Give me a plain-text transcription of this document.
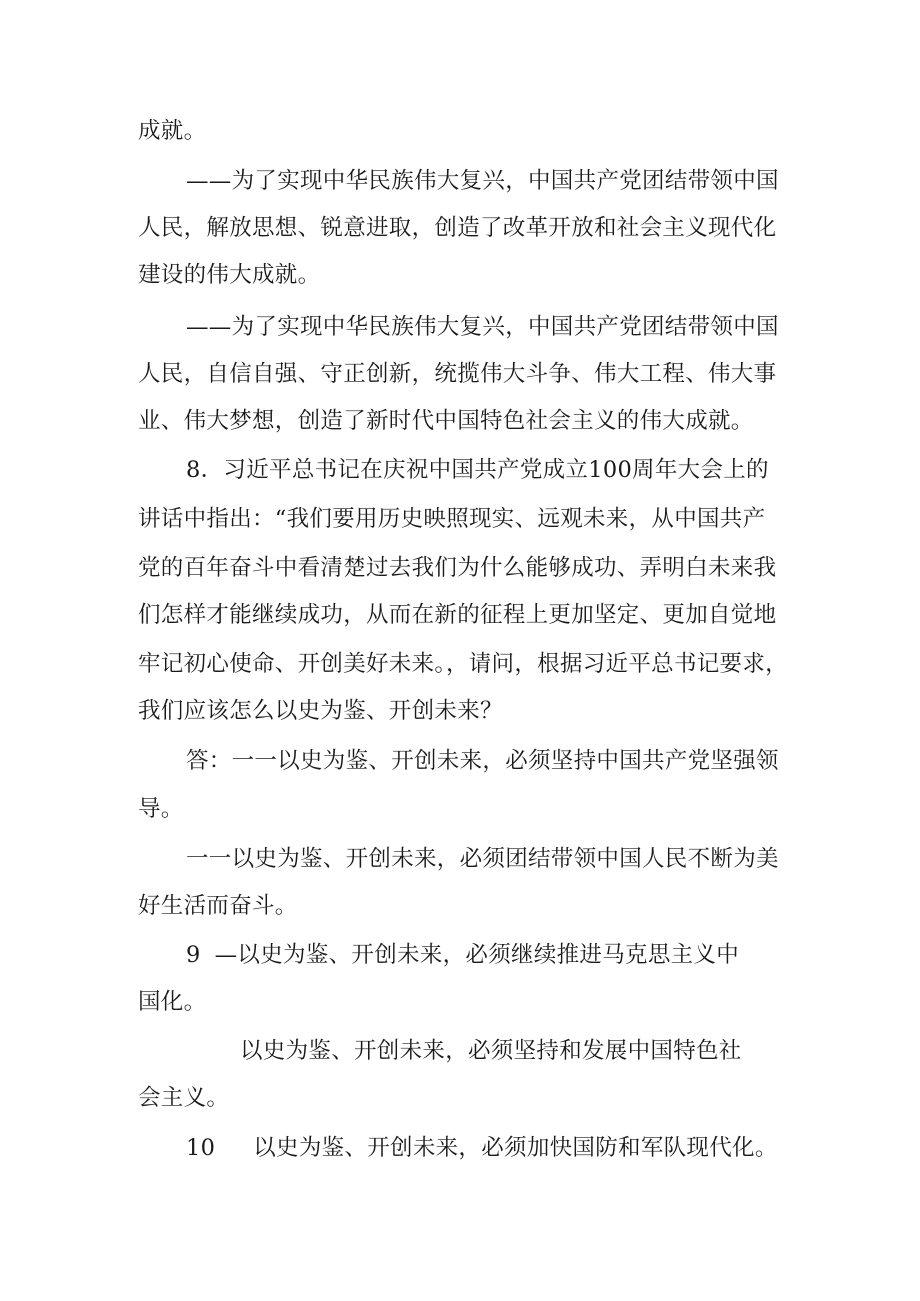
成就。

——为了实现中华民族伟大复兴，中国共产党团结带领中国

人民，解放思想、锐意进取，创造了改革开放和社会主义现代化

建设的伟大成就。

——为了实现中华民族伟大复兴，中国共产党团结带领中国

人民，自信自强、守正创新，统揽伟大斗争、伟大工程、伟大事

业、伟大梦想，创造了新时代中国特色社会主义的伟大成就。

8．习近平总书记在庆祝中国共产党成立100周年大会上的

讲话中指出：“我们要用历史映照现实、远观未来，从中国共产

党的百年奋斗中看清楚过去我们为什么能够成功、弄明白未来我

们怎样才能继续成功，从而在新的征程上更加坚定、更加自觉地

牢记初心使命、开创美好未来。，请问，根据习近平总书记要求，

我们应该怎么以史为鉴、开创未来？

答：一一以史为鉴、开创未来，必须坚持中国共产党坚强领

导。

一一以史为鉴、开创未来，必须团结带领中国人民不断为美

好生活而奋斗。

9 —以史为鉴、开创未来，必须继续推进马克思主义中

国化。

以史为鉴、开创未来，必须坚持和发展中国特色社

会主义。

10 以史为鉴、开创未来，必须加快国防和军队现代化。
